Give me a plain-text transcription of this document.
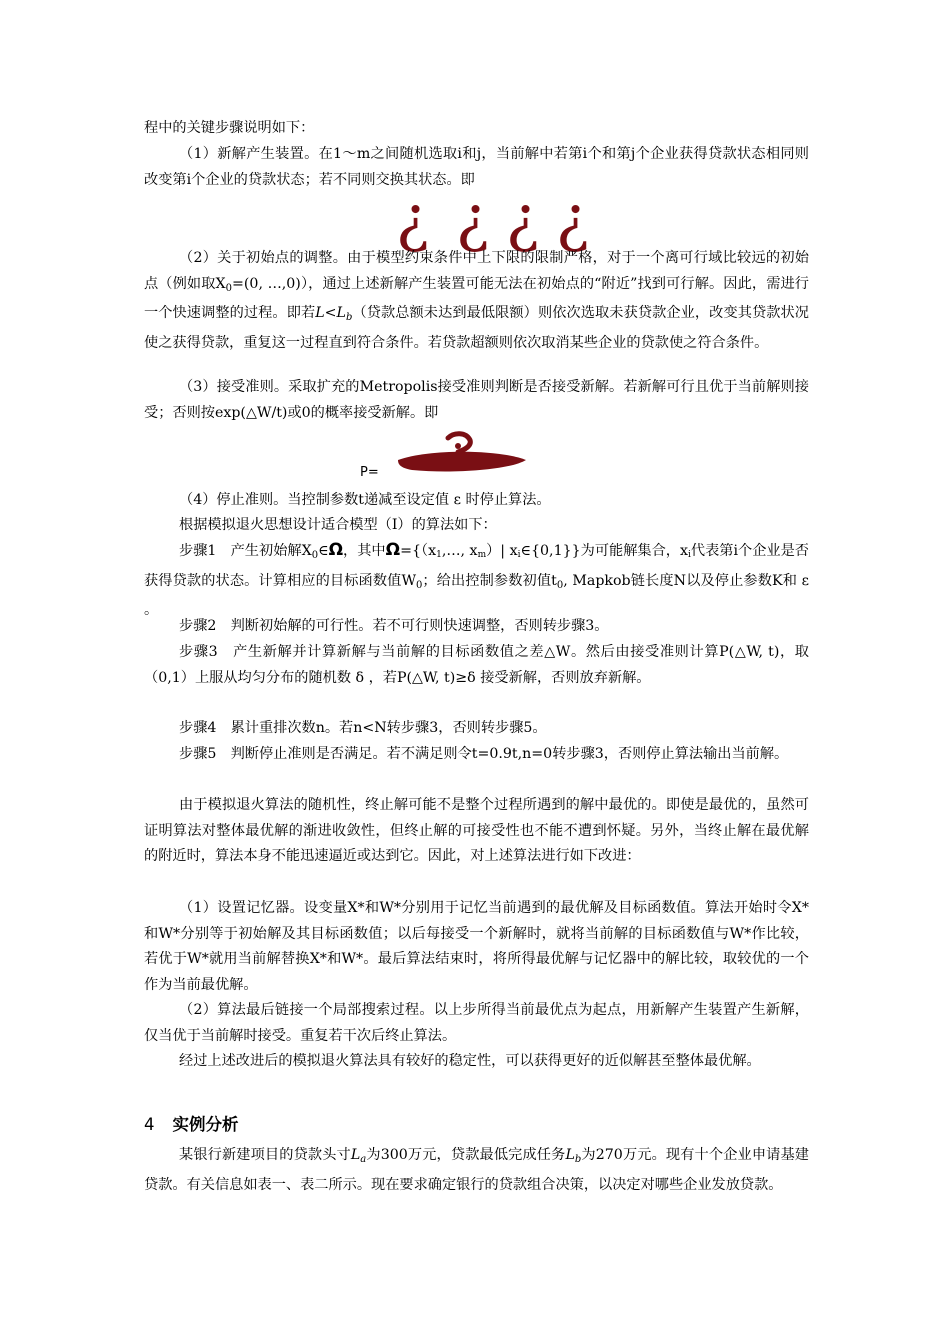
程中的关键步骤说明如下：

（1）新解产生装置。在1～m之间随机选取i和j，当前解中若第i个和第j个企业获得贷款状态相同则改变第i个企业的贷款状态；若不同则交换其状态。即

¿ ¿ ¿ ¿

（2）关于初始点的调整。由于模型约束条件中上下限的限制严格，对于一个离可行域比较远的初始点（例如取$X_0=(0$, …,0)），通过上述新解产生装置可能无法在初始点的“附近”找到可行解。因此，需进行一个快速调整的过程。即若$L<L_b$（贷款总额未达到最低限额）则依次选取未获贷款企业，改变其贷款状况使之获得贷款，重复这一过程直到符合条件。若贷款超额则依次取消某些企业的贷款使之符合条件。

（3）接受准则。采取扩充的Metropolis接受准则判断是否接受新解。若新解可行且优于当前解则接受；否则按exp(△W/t)或0的概率接受新解。即

P=

（4）停止准则。当控制参数t递减至设定值 ε 时停止算法。

根据模拟退火思想设计适合模型（Ⅰ）的算法如下：

步骤1　产生初始解$X_0\in\Omega$，其中Ω={（x1,…, xm）| xi∈{0,1}}为可能解集合，xi代表第i个企业是否获得贷款的状态。计算相应的目标函数值$W_0$；给出控制参数初值$t_0$, Mapkob链长度N以及停止参数K和 ε 。

步骤2　判断初始解的可行性。若不可行则快速调整，否则转步骤3。

步骤3　产生新解并计算新解与当前解的目标函数值之差△W。然后由接受准则计算P(△W, t)，取（0,1）上服从均匀分布的随机数 δ ，若P(△W, t)≥δ 接受新解，否则放弃新解。

步骤4　累计重排次数n。若n<N转步骤3，否则转步骤5。

步骤5　判断停止准则是否满足。若不满足则令t=0.9t,n=0转步骤3，否则停止算法输出当前解。

由于模拟退火算法的随机性，终止解可能不是整个过程所遇到的解中最优的。即使是最优的，虽然可证明算法对整体最优解的渐进收敛性，但终止解的可接受性也不能不遭到怀疑。另外，当终止解在最优解的附近时，算法本身不能迅速逼近或达到它。因此，对上述算法进行如下改进：

（1）设置记忆器。设变量X*和W*分别用于记忆当前遇到的最优解及目标函数值。算法开始时令X*和W*分别等于初始解及其目标函数值；以后每接受一个新解时，就将当前解的目标函数值与W*作比较，若优于W*就用当前解替换X*和W*。最后算法结束时，将所得最优解与记忆器中的解比较，取较优的一个作为当前最优解。

（2）算法最后链接一个局部搜索过程。以上步所得当前最优点为起点，用新解产生装置产生新解，仅当优于当前解时接受。重复若干次后终止算法。

经过上述改进后的模拟退火算法具有较好的稳定性，可以获得更好的近似解甚至整体最优解。

4 实例分析

某银行新建项目的贷款头寸$L_a$为300万元，贷款最低完成任务$L_b$为270万元。现有十个企业申请基建贷款。有关信息如表一、表二所示。现在要求确定银行的贷款组合决策，以决定对哪些企业发放贷款。
